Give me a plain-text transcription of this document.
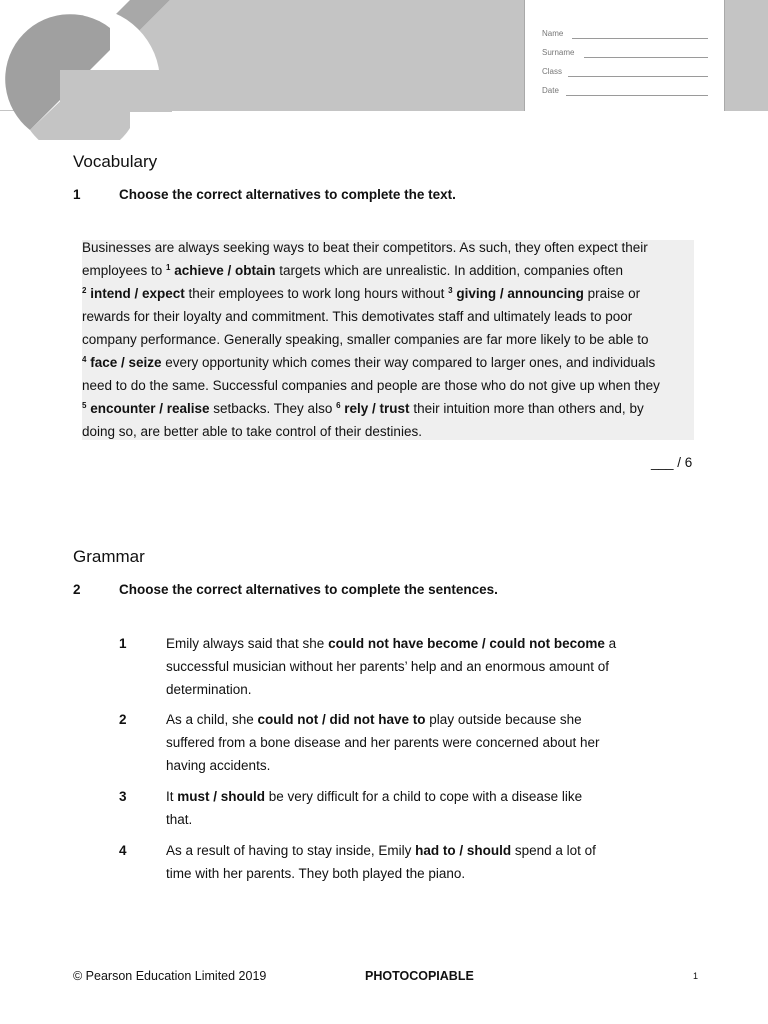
Name
Surname
Class
Date
Vocabulary
1	Choose the correct alternatives to complete the text.

Businesses are always seeking ways to beat their competitors. As such, they often expect their
employees to $^1$ achieve / obtain targets which are unrealistic. In addition, companies often
$^2$ intend / expect their employees to work long hours without $^3$ giving / announcing praise or
rewards for their loyalty and commitment. This demotivates staff and ultimately leads to poor
company performance. Generally speaking, smaller companies are far more likely to be able to
$^4$ face / seize every opportunity which comes their way compared to larger ones, and individuals
need to do the same. Successful companies and people are those who do not give up when they
$^5$ encounter / realise setbacks. They also $^6$ rely / trust their intuition more than others and, by
doing so, are better able to take control of their destinies.

___ / 6
Grammar
2	Choose the correct alternatives to complete the sentences.
1	Emily always said that she could not have become / could not become a
successful musician without her parents’ help and an enormous amount of
determination.
2	As a child, she could not / did not have to play outside because she
suffered from a bone disease and her parents were concerned about her
having accidents.
3	It must / should be very difficult for a child to cope with a disease like
that.
4	As a result of having to stay inside, Emily had to / should spend a lot of
time with her parents. They both played the piano.
© Pearson Education Limited 2019	PHOTOCOPIABLE	1
